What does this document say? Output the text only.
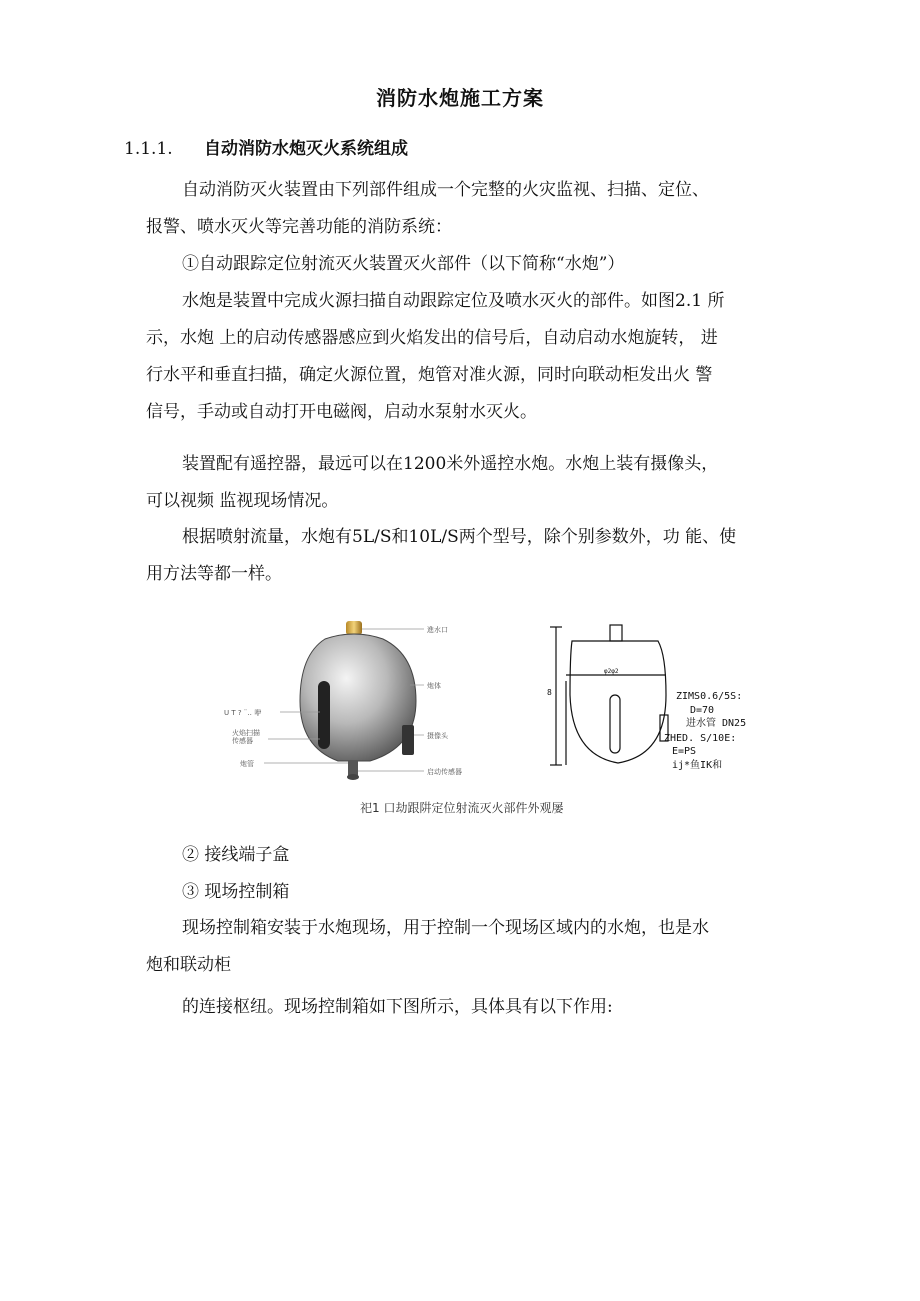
消防水炮施工方案
1.1.1. 自动消防水炮灭火系统组成
自动消防灭火装置由下列部件组成一个完整的火灾监视、扫描、定位、
报警、喷水灭火等完善功能的消防系统：
①自动跟踪定位射流灭火装置灭火部件（以下简称“水炮”）
水炮是装置中完成火源扫描自动跟踪定位及喷水灭火的部件。如图2.1 所
示，水炮 上的启动传感器感应到火焰发出的信号后，自动启动水炮旋转， 进
行水平和垂直扫描，确定火源位置，炮管对准火源，同时向联动柜发出火 警
信号，手动或自动打开电磁阀，启动水泵射水灭火。
装置配有遥控器，最远可以在1200米外遥控水炮。水炮上装有摄像头，
可以视频 监视现场情况。
根据喷射流量，水炮有5L/S和10L/S两个型号，除个别参数外，功 能、使
用方法等都一样。
進水口
炮体
摄像头
启动传感器
U T ? ¨‥ 咿
火焰扫描
传感器
炮管
φ2φ2
8	ZIMS0.6/5S:
D=70
进水管 DN25
ZHED. S/10E:
E=PS
ij*鱼IK和
祀1 口劫跟阱定位射流灭火部件外观屡
② 接线端子盒
③ 现场控制箱
现场控制箱安装于水炮现场，用于控制一个现场区域内的水炮，也是水
炮和联动柜
的连接枢纽。现场控制箱如下图所示，具体具有以下作用:
